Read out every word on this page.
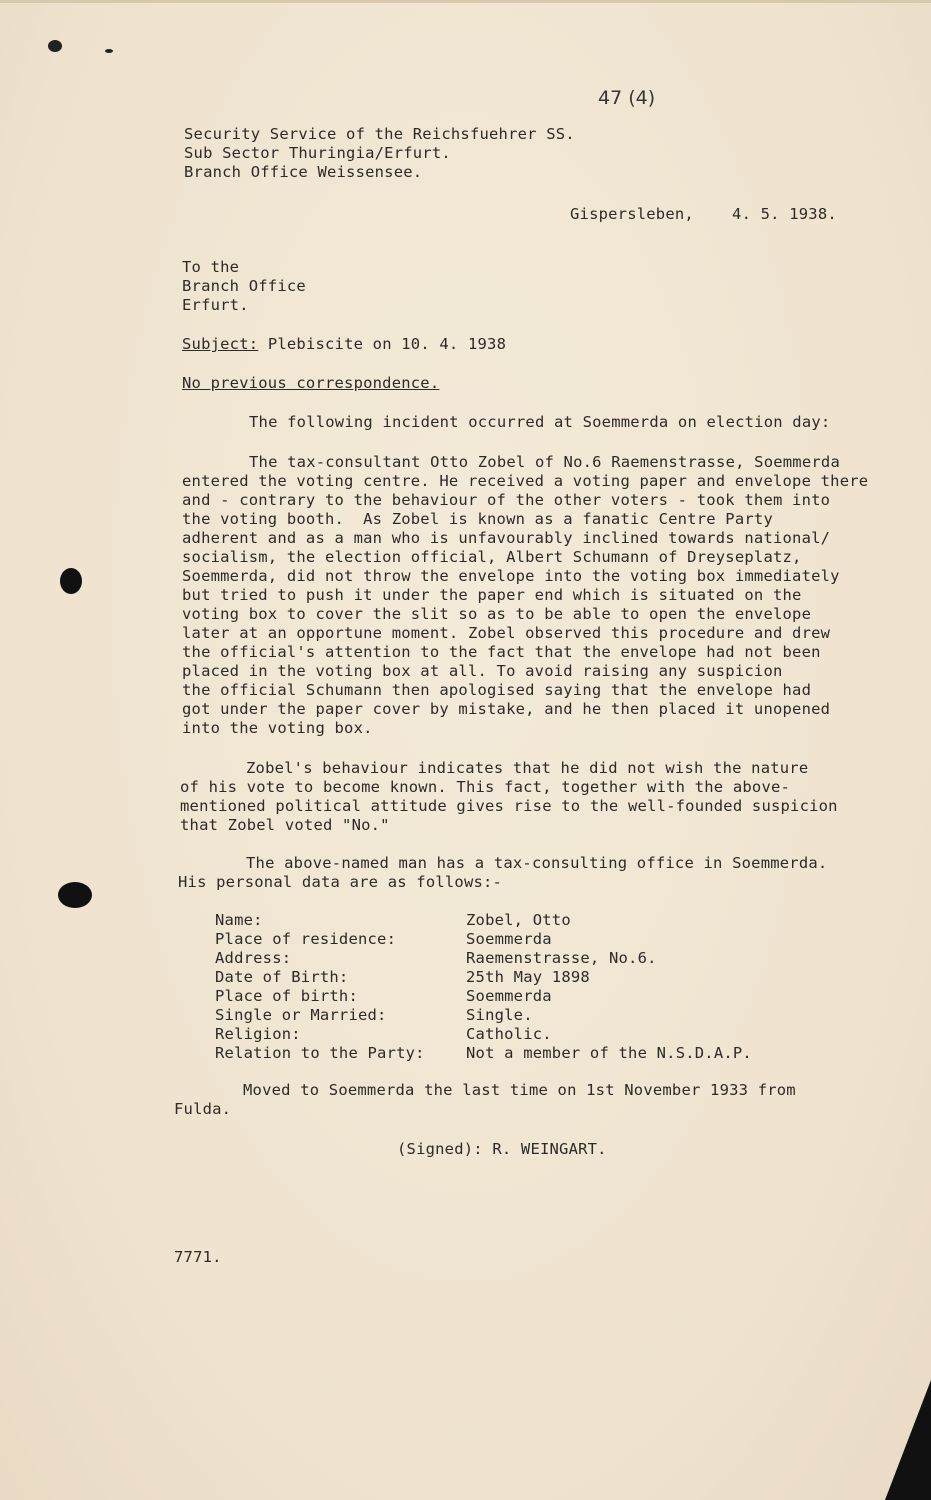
47 (4)
Security Service of the Reichsfuehrer SS.
Sub Sector Thuringia/Erfurt.
Branch Office Weissensee.
Gispersleben,    4. 5. 1938.
To the
Branch Office
Erfurt.
Subject: Plebiscite on 10. 4. 1938
No previous correspondence.
The following incident occurred at Soemmerda on election day:
The tax-consultant Otto Zobel of No.6 Raemenstrasse, Soemmerda
entered the voting centre. He received a voting paper and envelope there
and - contrary to the behaviour of the other voters - took them into
the voting booth.  As Zobel is known as a fanatic Centre Party
adherent and as a man who is unfavourably inclined towards national/
socialism, the election official, Albert Schumann of Dreyseplatz,
Soemmerda, did not throw the envelope into the voting box immediately
but tried to push it under the paper end which is situated on the
voting box to cover the slit so as to be able to open the envelope
later at an opportune moment. Zobel observed this procedure and drew
the official's attention to the fact that the envelope had not been
placed in the voting box at all. To avoid raising any suspicion
the official Schumann then apologised saying that the envelope had
got under the paper cover by mistake, and he then placed it unopened
into the voting box.
Zobel's behaviour indicates that he did not wish the nature
of his vote to become known. This fact, together with the above-
mentioned political attitude gives rise to the well-founded suspicion
that Zobel voted "No."
The above-named man has a tax-consulting office in Soemmerda.
His personal data are as follows:-
Name:	Zobel, Otto
Place of residence:	Soemmerda
Address:	Raemenstrasse, No.6.
Date of Birth:	25th May 1898
Place of birth:	Soemmerda
Single or Married:	Single.
Religion:	Catholic.
Relation to the Party:	Not a member of the N.S.D.A.P.
Moved to Soemmerda the last time on 1st November 1933 from
Fulda.
(Signed): R. WEINGART.
7771.
